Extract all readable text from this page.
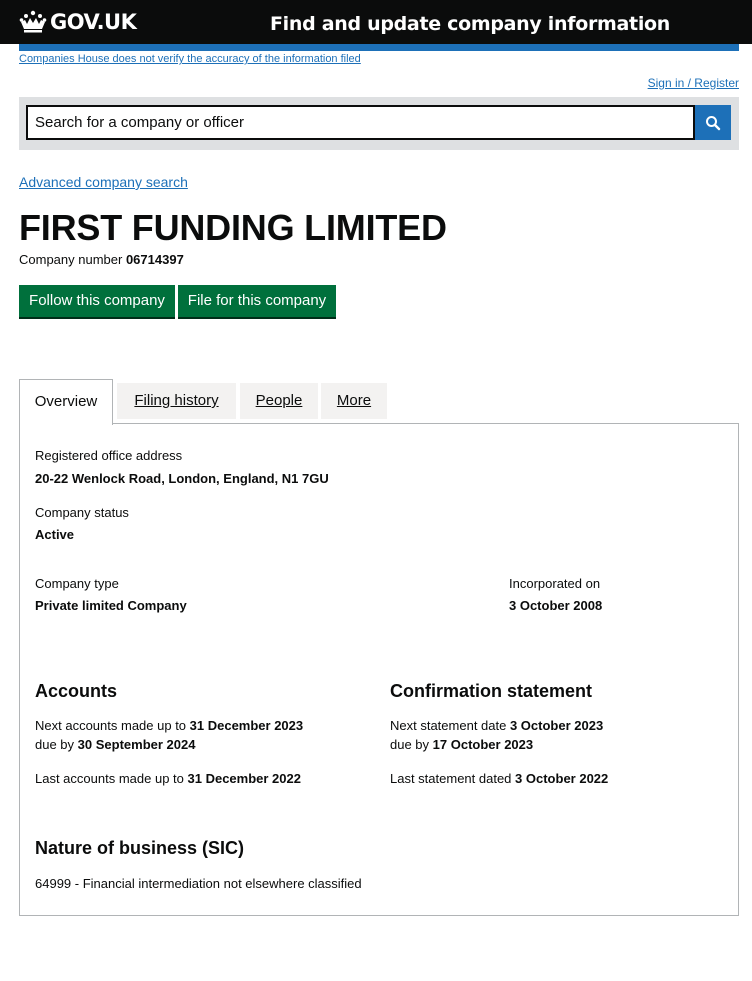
GOV.UK	Find and update company information
Companies House does not verify the accuracy of the information filed
Sign in / Register
Search for a company or officer
Advanced company search
FIRST FUNDING LIMITED
Company number 06714397
Follow this company	File for this company
Overview	Filing history	People	More
Registered office address
20-22 Wenlock Road, London, England, N1 7GU
Company status
Active
Company type
Private limited Company
Incorporated on
3 October 2008
Accounts
Next accounts made up to 31 December 2023
due by 30 September 2024
Last accounts made up to 31 December 2022
Confirmation statement
Next statement date 3 October 2023
due by 17 October 2023
Last statement dated 3 October 2022
Nature of business (SIC)
64999 - Financial intermediation not elsewhere classified
